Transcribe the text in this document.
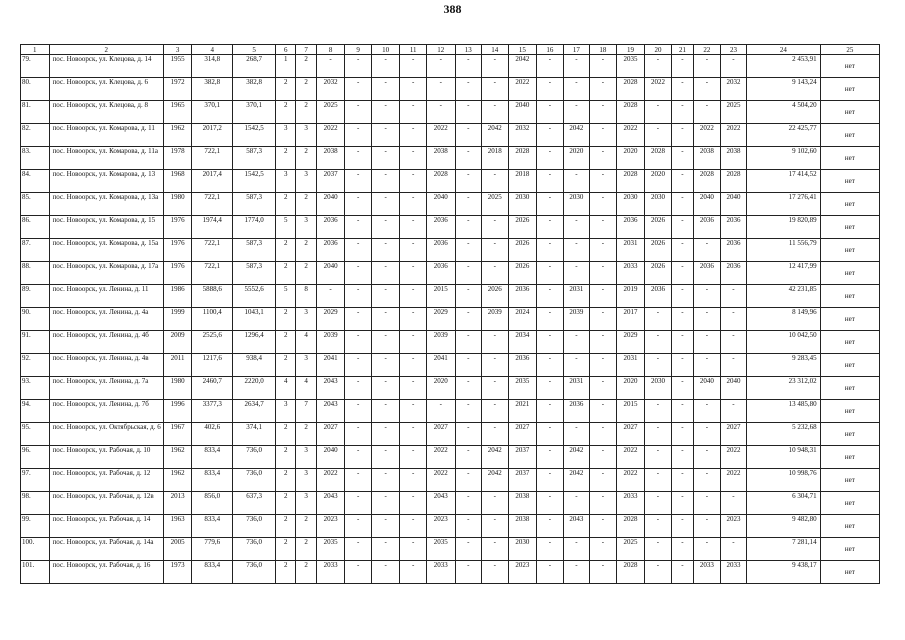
388
1	2	3	4	5	6	7	8	9	10	11	12	13	14	15	16	17	18	19	20	21	22	23	24	25
79.	пос. Новоорск, ул. Клецова, д. 14	1955	314,8	268,7	1	2	-	-	-	-	-	-	-	2042	-	-	-	2035	-	-	-	-	2 453,91	нет
80.	пос. Новоорск, ул. Клецова, д. 6	1972	382,8	382,8	2	2	2032	-	-	-	-	-	-	2022	-	-	-	2028	2022	-	-	2032	9 143,24	нет
81.	пос. Новоорск, ул. Клецова, д. 8	1965	370,1	370,1	2	2	2025	-	-	-	-	-	-	2040	-	-	-	2028	-	-	-	2025	4 504,20	нет
82.	пос. Новоорск, ул. Комарова, д. 11	1962	2017,2	1542,5	3	3	2022	-	-	-	2022	-	2042	2032	-	2042	-	2022	-	-	2022	2022	22 425,77	нет
83.	пос. Новоорск, ул. Комарова, д. 11а	1978	722,1	587,3	2	2	2038	-	-	-	2038	-	2018	2028	-	2020	-	2020	2028	-	2038	2038	9 102,60	нет
84.	пос. Новоорск, ул. Комарова, д. 13	1968	2017,4	1542,5	3	3	2037	-	-	-	2028	-	-	2018	-	-	-	2028	2020	-	2028	2028	17 414,52	нет
85.	пос. Новоорск, ул. Комарова, д. 13а	1980	722,1	587,3	2	2	2040	-	-	-	2040	-	2025	2030	-	2030	-	2030	2030	-	2040	2040	17 276,41	нет
86.	пос. Новоорск, ул. Комарова, д. 15	1976	1974,4	1774,0	5	3	2036	-	-	-	2036	-	-	2026	-	-	-	2036	2026	-	2036	2036	19 820,89	нет
87.	пос. Новоорск, ул. Комарова, д. 15а	1976	722,1	587,3	2	2	2036	-	-	-	2036	-	-	2026	-	-	-	2031	2026	-	-	2036	11 556,79	нет
88.	пос. Новоорск, ул. Комарова, д. 17а	1976	722,1	587,3	2	2	2040	-	-	-	2036	-	-	2026	-	-	-	2033	2026	-	2036	2036	12 417,99	нет
89.	пос. Новоорск, ул. Ленина, д. 11	1986	5888,6	5552,6	5	8	-	-	-	-	2015	-	2026	2036	-	2031	-	2019	2036	-	-	-	42 231,85	нет
90.	пос. Новоорск, ул. Ленина, д. 4а	1999	1100,4	1043,1	2	3	2029	-	-	-	2029	-	2039	2024	-	2039	-	2017	-	-	-	-	8 149,96	нет
91.	пос. Новоорск, ул. Ленина, д. 4б	2009	2525,6	1296,4	2	4	2039	-	-	-	2039	-	-	2034	-	-	-	2029	-	-	-	-	10 042,50	нет
92.	пос. Новоорск, ул. Ленина, д. 4в	2011	1217,6	938,4	2	3	2041	-	-	-	2041	-	-	2036	-	-	-	2031	-	-	-	-	9 283,45	нет
93.	пос. Новоорск, ул. Ленина, д. 7а	1980	2460,7	2220,0	4	4	2043	-	-	-	2020	-	-	2035	-	2031	-	2020	2030	-	2040	2040	23 312,02	нет
94.	пос. Новоорск, ул. Ленина, д. 7б	1996	3377,3	2634,7	3	7	2043	-	-	-	-	-	-	2021	-	2036	-	2015	-	-	-	-	13 485,80	нет
95.	пос. Новоорск, ул. Октябрьская, д. 6	1967	402,6	374,1	2	2	2027	-	-	-	2027	-	-	2027	-	-	-	2027	-	-	-	2027	5 232,68	нет
96.	пос. Новоорск, ул. Рабочая, д. 10	1962	833,4	736,0	2	3	2040	-	-	-	2022	-	2042	2037	-	2042	-	2022	-	-	-	2022	10 948,31	нет
97.	пос. Новоорск, ул. Рабочая, д. 12	1962	833,4	736,0	2	3	2022	-	-	-	2022	-	2042	2037	-	2042	-	2022	-	-	-	2022	10 998,76	нет
98.	пос. Новоорск, ул. Рабочая, д. 12в	2013	856,0	637,3	2	3	2043	-	-	-	2043	-	-	2038	-	-	-	2033	-	-	-	-	6 304,71	нет
99.	пос. Новоорск, ул. Рабочая, д. 14	1963	833,4	736,0	2	2	2023	-	-	-	2023	-	-	2038	-	2043	-	2028	-	-	-	2023	9 482,80	нет
100.	пос. Новоорск, ул. Рабочая, д. 14а	2005	779,6	736,0	2	2	2035	-	-	-	2035	-	-	2030	-	-	-	2025	-	-	-	-	7 281,14	нет
101.	пос. Новоорск, ул. Рабочая, д. 16	1973	833,4	736,0	2	2	2033	-	-	-	2033	-	-	2023	-	-	-	2028	-	-	2033	2033	9 438,17	нет
